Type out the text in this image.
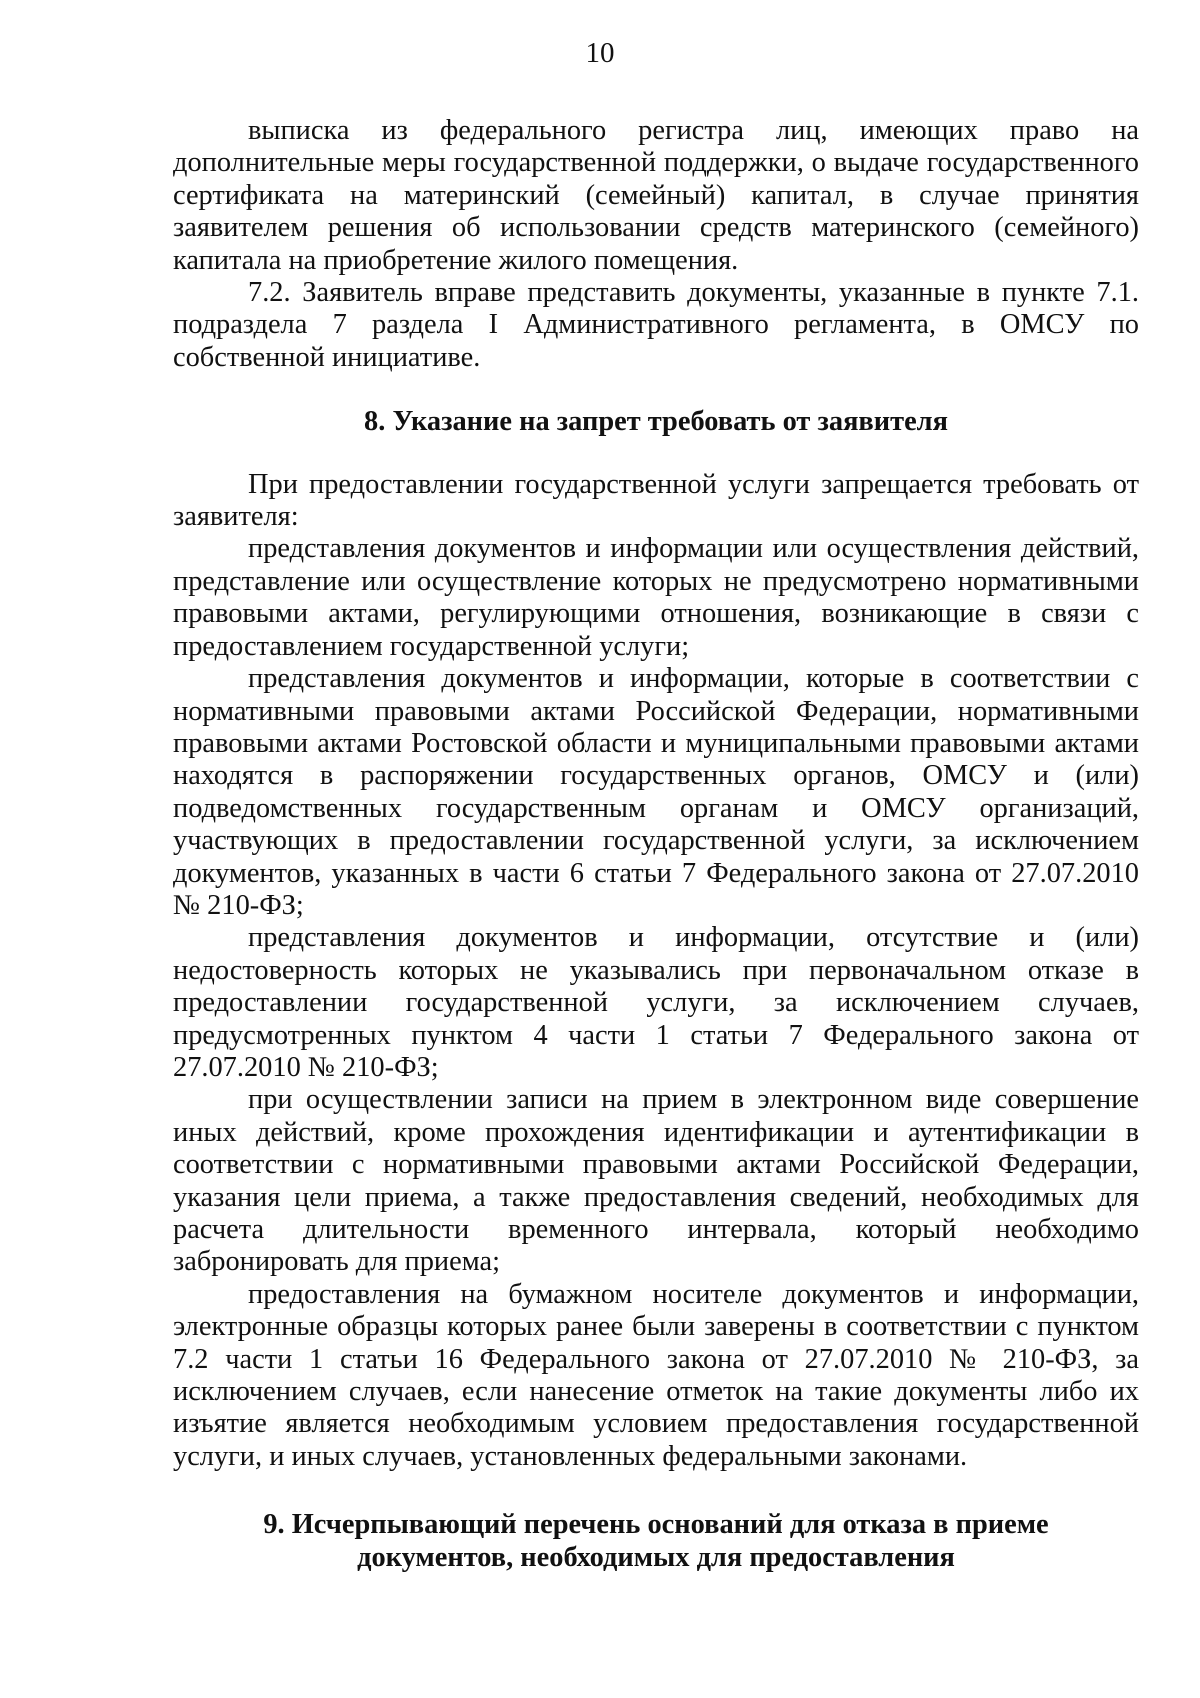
10

выписка из федерального регистра лиц, имеющих право на дополнительные меры государственной поддержки, о выдаче государственного сертификата на материнский (семейный) капитал, в случае принятия заявителем решения об использовании средств материнского (семейного) капитала на приобретение жилого помещения.

7.2. Заявитель вправе представить документы, указанные в пункте 7.1. подраздела 7 раздела I Административного регламента, в ОМСУ по собственной инициативе.

8. Указание на запрет требовать от заявителя

При предоставлении государственной услуги запрещается требовать от заявителя:

представления документов и информации или осуществления действий, представление или осуществление которых не предусмотрено нормативными правовыми актами, регулирующими отношения, возникающие в связи с предоставлением государственной услуги;

представления документов и информации, которые в соответствии с нормативными правовыми актами Российской Федерации, нормативными правовыми актами Ростовской области и муниципальными правовыми актами находятся в распоряжении государственных органов, ОМСУ и (или) подведомственных государственным органам и ОМСУ организаций, участвующих в предоставлении государственной услуги, за исключением документов, указанных в части 6 статьи 7 Федерального закона от 27.07.2010 № 210-ФЗ;

представления документов и информации, отсутствие и (или) недостоверность которых не указывались при первоначальном отказе в предоставлении государственной услуги, за исключением случаев, предусмотренных пунктом 4 части 1 статьи 7 Федерального закона от 27.07.2010 № 210-ФЗ;

при осуществлении записи на прием в электронном виде совершение иных действий, кроме прохождения идентификации и аутентификации в соответствии с нормативными правовыми актами Российской Федерации, указания цели приема, а также предоставления сведений, необходимых для расчета длительности временного интервала, который необходимо забронировать для приема;

предоставления на бумажном носителе документов и информации, электронные образцы которых ранее были заверены в соответствии с пунктом 7.2 части 1 статьи 16 Федерального закона от 27.07.2010 № 210-ФЗ, за исключением случаев, если нанесение отметок на такие документы либо их изъятие является необходимым условием предоставления государственной услуги, и иных случаев, установленных федеральными законами.

9. Исчерпывающий перечень оснований для отказа в приеме
документов, необходимых для предоставления
